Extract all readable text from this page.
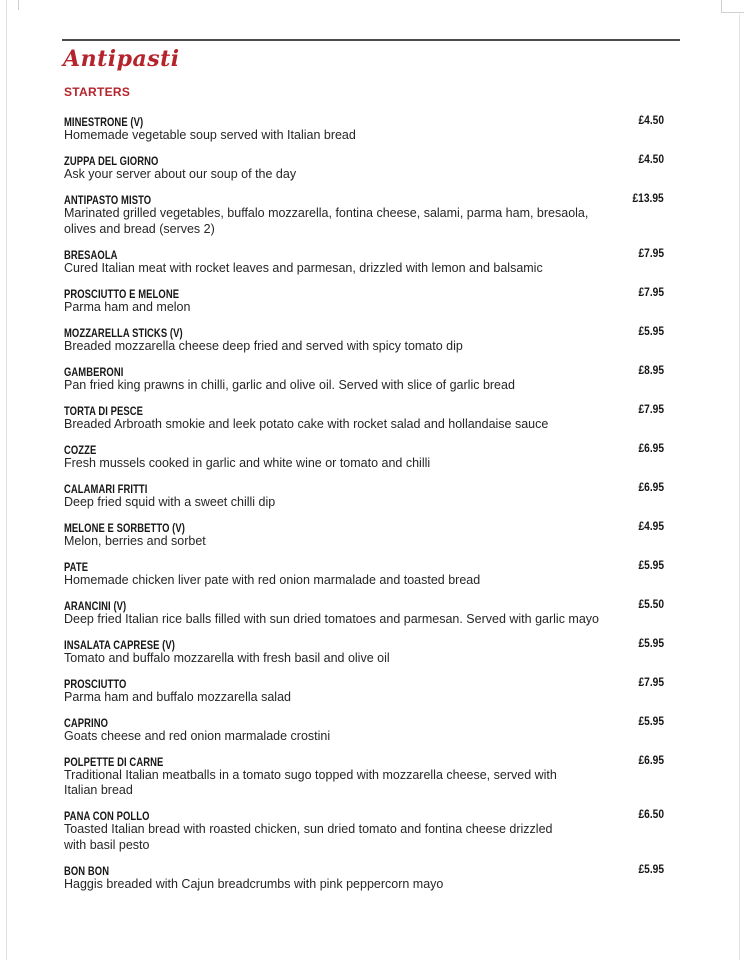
Antipasti
STARTERS
MINESTRONE (V)	£4.50
Homemade vegetable soup served with Italian bread
ZUPPA DEL GIORNO	£4.50
Ask your server about our soup of the day
ANTIPASTO MISTO	£13.95
Marinated grilled vegetables, buffalo mozzarella, fontina cheese, salami, parma ham, bresaola, olives and bread (serves 2)
BRESAOLA	£7.95
Cured Italian meat with rocket leaves and parmesan, drizzled with lemon and balsamic
PROSCIUTTO E MELONE	£7.95
Parma ham and melon
MOZZARELLA STICKS (V)	£5.95
Breaded mozzarella cheese deep fried and served with spicy tomato dip
GAMBERONI	£8.95
Pan fried king prawns in chilli, garlic and olive oil. Served with slice of garlic bread
TORTA DI PESCE	£7.95
Breaded Arbroath smokie and leek potato cake with rocket salad and hollandaise sauce
COZZE	£6.95
Fresh mussels cooked in garlic and white wine or tomato and chilli
CALAMARI FRITTI	£6.95
Deep fried squid with a sweet chilli dip
MELONE E SORBETTO (V)	£4.95
Melon, berries and sorbet
PATE	£5.95
Homemade chicken liver pate with red onion marmalade and toasted bread
ARANCINI (V)	£5.50
Deep fried Italian rice balls filled with sun dried tomatoes and parmesan. Served with garlic mayo
INSALATA CAPRESE (V)	£5.95
Tomato and buffalo mozzarella with fresh basil and olive oil
PROSCIUTTO	£7.95
Parma ham and buffalo mozzarella salad
CAPRINO	£5.95
Goats cheese and red onion marmalade crostini
POLPETTE DI CARNE	£6.95
Traditional Italian meatballs in a tomato sugo topped with mozzarella cheese, served with Italian bread
PANA CON POLLO	£6.50
Toasted Italian bread with roasted chicken, sun dried tomato and fontina cheese drizzled with basil pesto
BON BON	£5.95
Haggis breaded with Cajun breadcrumbs with pink peppercorn mayo
